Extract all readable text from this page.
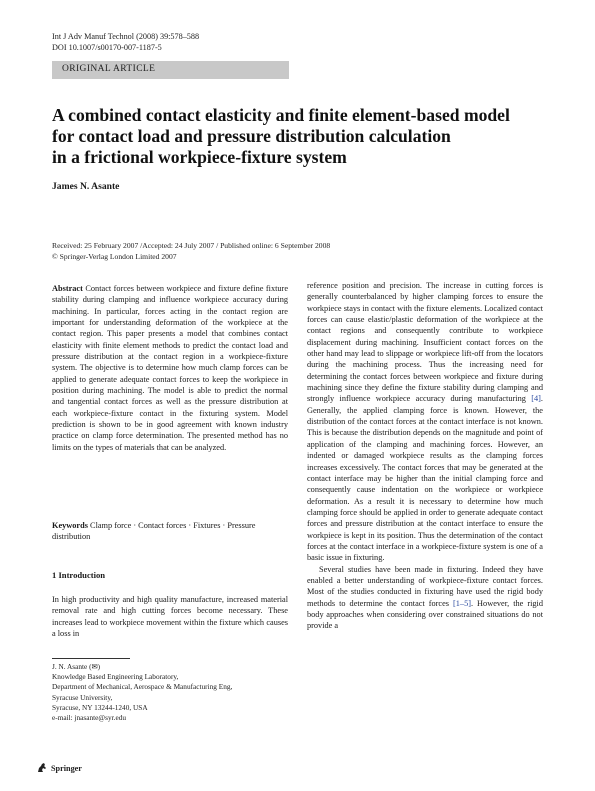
Int J Adv Manuf Technol (2008) 39:578–588
DOI 10.1007/s00170-007-1187-5
ORIGINAL ARTICLE
A combined contact elasticity and finite element-based model
for contact load and pressure distribution calculation
in a frictional workpiece-fixture system
James N. Asante
Received: 25 February 2007 /Accepted: 24 July 2007 / Published online: 6 September 2008
© Springer-Verlag London Limited 2007
Abstract Contact forces between workpiece and fixture define fixture stability during clamping and influence workpiece accuracy during machining. In particular, forces acting in the contact region are important for understanding deformation of the workpiece at the contact region. This paper presents a model that combines contact elasticity with finite element methods to predict the contact load and pressure distribution at the contact region in a workpiece-fixture system. The objective is to determine how much clamp forces can be applied to generate adequate contact forces to keep the workpiece in position during machining. The model is able to predict the normal and tangential contact forces as well as the pressure distribution at each workpiece-fixture contact in the fixturing system. Model prediction is shown to be in good agreement with known industry practice on clamp force determination. The presented method has no limits on the types of materials that can be analyzed.
Keywords Clamp force · Contact forces · Fixtures · Pressure distribution
1 Introduction
In high productivity and high quality manufacture, increased material removal rate and high cutting forces become necessary. These increases lead to workpiece movement within the fixture which causes a loss in
J. N. Asante (✉)
Knowledge Based Engineering Laboratory,
Department of Mechanical, Aerospace & Manufacturing Eng,
Syracuse University,
Syracuse, NY 13244-1240, USA
e-mail: jnasante@syr.edu

reference position and precision. The increase in cutting forces is generally counterbalanced by higher clamping forces to ensure the workpiece stays in contact with the fixture elements. Localized contact forces can cause elastic/plastic deformation of the workpiece at the contact regions and consequently contribute to workpiece displacement during machining. Insufficient contact forces on the other hand may lead to slippage or workpiece lift-off from the locators during the machining process. Thus the increasing need for determining the contact forces between workpiece and fixture during machining since they define the fixture stability during clamping and strongly influence workpiece accuracy during manufacturing [4]. Generally, the applied clamping force is known. However, the distribution of the contact forces at the contact interface is not known. This is because the distribution depends on the magnitude and point of application of the clamping and machining forces. However, an indented or damaged workpiece results as the clamping forces increases excessively. The contact forces that may be generated at the contact interface may be higher than the initial clamping force and consequently cause indentation on the workpiece or workpiece deformation. As a result it is necessary to determine how much clamping force should be applied in order to generate adequate contact forces and pressure distribution at the contact interface to ensure the workpiece is kept in its position. Thus the determination of the contact forces at the contact interface in a workpiece-fixture system is one of a basic issue in fixturing.

Several studies have been made in fixturing. Indeed they have enabled a better understanding of workpiece-fixture contact forces. Most of the studies conducted in fixturing have used the rigid body methods to determine the contact forces [1–5]. However, the rigid body approaches when considering over constrained situations do not provide a

Springer
